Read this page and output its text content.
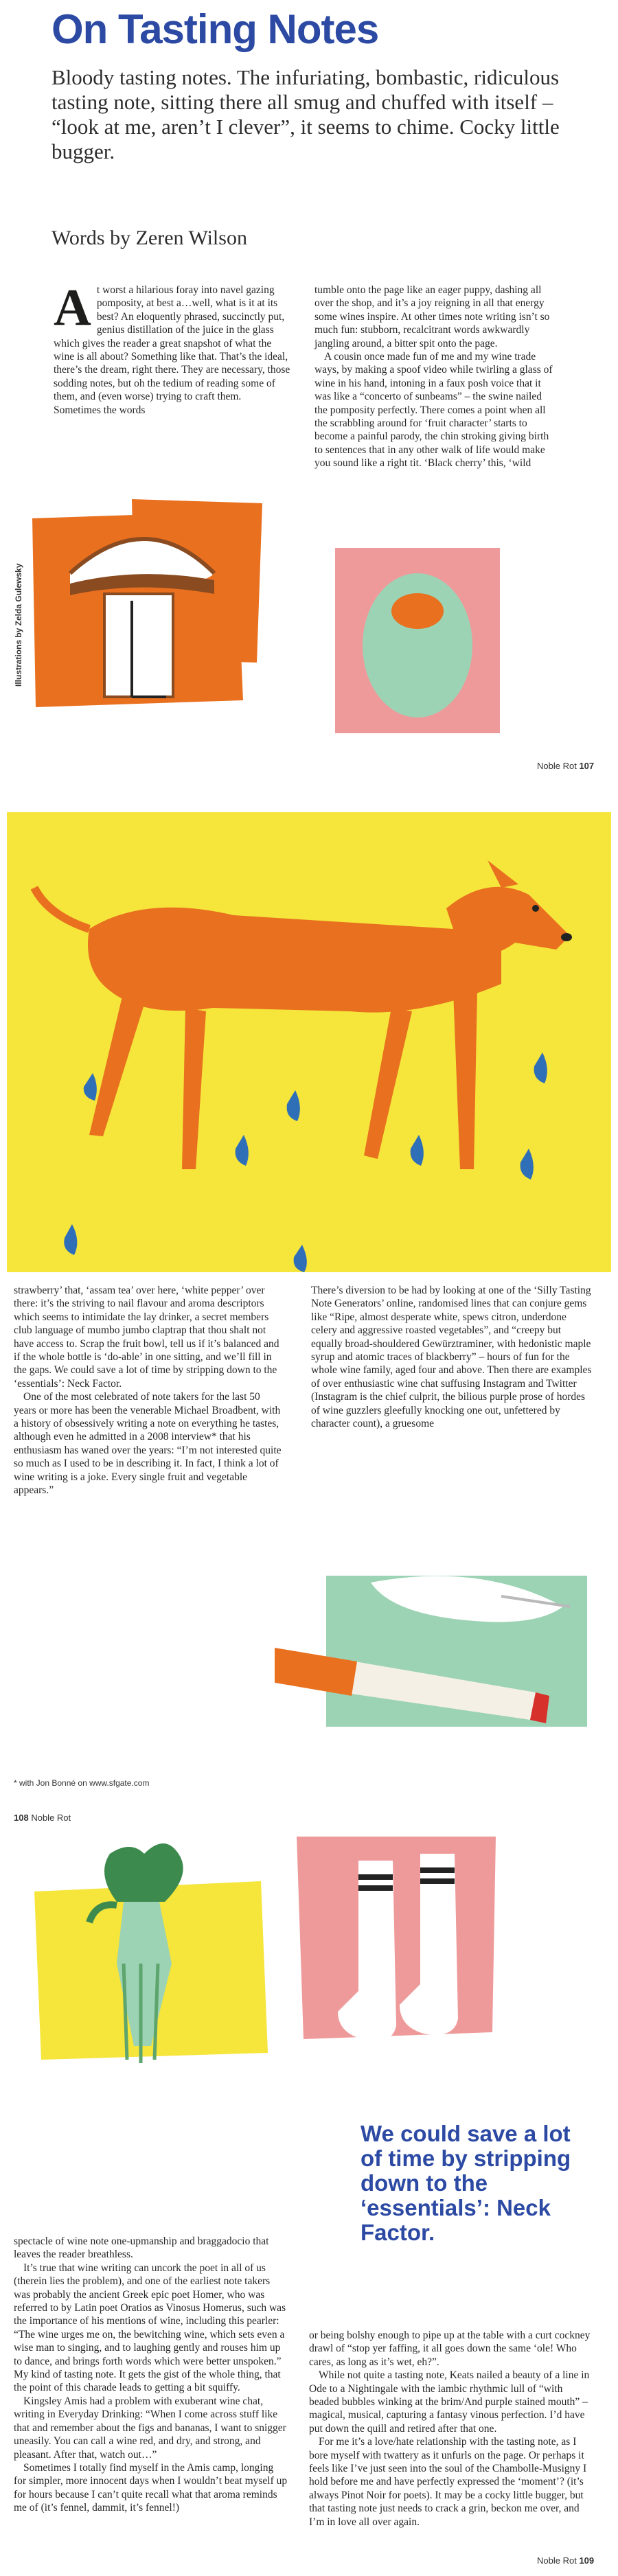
On Tasting Notes

Bloody tasting notes. The infuriating, bombastic, ridiculous tasting note, sitting there all smug and chuffed with itself – “look at me, aren’t I clever”, it seems to chime. Cocky little bugger.

Words by Zeren Wilson

At worst a hilarious foray into navel gazing pomposity, at best a…well, what is it at its best? An eloquently phrased, succinctly put, genius distillation of the juice in the glass which gives the reader a great snapshot of what the wine is all about? Something like that. That’s the ideal, there’s the dream, right there. They are necessary, those sodding notes, but oh the tedium of reading some of them, and (even worse) trying to craft them. Sometimes the words

tumble onto the page like an eager puppy, dashing all over the shop, and it’s a joy reigning in all that energy some wines inspire. At other times note writing isn’t so much fun: stubborn, recalcitrant words awkwardly jangling around, a bitter spit onto the page.

A cousin once made fun of me and my wine trade ways, by making a spoof video while twirling a glass of wine in his hand, intoning in a faux posh voice that it was like a “concerto of sunbeams” – the swine nailed the pomposity perfectly. There comes a point when all the scrabbling around for ‘fruit character’ starts to become a painful parody, the chin stroking giving birth to sentences that in any other walk of life would make you sound like a right tit. ‘Black cherry’ this, ‘wild

Illustrations by Zelda Gulewsky
Noble Rot 107

strawberry’ that, ‘assam tea’ over here, ‘white pepper’ over there: it’s the striving to nail flavour and aroma descriptors which seems to intimidate the lay drinker, a secret members club language of mumbo jumbo claptrap that thou shalt not have access to. Scrap the fruit bowl, tell us if it’s balanced and if the whole bottle is ‘do-able’ in one sitting, and we’ll fill in the gaps. We could save a lot of time by stripping down to the ‘essentials’: Neck Factor.

One of the most celebrated of note takers for the last 50 years or more has been the venerable Michael Broadbent, with a history of obsessively writing a note on everything he tastes, although even he admitted in a 2008 interview* that his enthusiasm has waned over the years: “I’m not interested quite so much as I used to be in describing it. In fact, I think a lot of wine writing is a joke. Every single fruit and vegetable appears.”

There’s diversion to be had by looking at one of the ‘Silly Tasting Note Generators’ online, randomised lines that can conjure gems like “Ripe, almost desperate white, spews citron, underdone celery and aggressive roasted vegetables”, and “creepy but equally broad-shouldered Gewürztraminer, with hedonistic maple syrup and atomic traces of blackberry” – hours of fun for the whole wine family, aged four and above. Then there are examples of over enthusiastic wine chat suffusing Instagram and Twitter (Instagram is the chief culprit, the bilious purple prose of hordes of wine guzzlers gleefully knocking one out, unfettered by character count), a gruesome

* with Jon Bonné on www.sfgate.com
108 Noble Rot
We could save a lot of time by stripping down to the ‘essentials’: Neck Factor.

spectacle of wine note one-upmanship and braggadocio that leaves the reader breathless.

It’s true that wine writing can uncork the poet in all of us (therein lies the problem), and one of the earliest note takers was probably the ancient Greek epic poet Homer, who was referred to by Latin poet Oratios as Vinosus Homerus, such was the importance of his mentions of wine, including this pearler: “The wine urges me on, the bewitching wine, which sets even a wise man to singing, and to laughing gently and rouses him up to dance, and brings forth words which were better unspoken.” My kind of tasting note. It gets the gist of the whole thing, that the point of this charade leads to getting a bit squiffy.

Kingsley Amis had a problem with exuberant wine chat, writing in Everyday Drinking: “When I come across stuff like that and remember about the figs and bananas, I want to snigger uneasily. You can call a wine red, and dry, and strong, and pleasant. After that, watch out…”

Sometimes I totally find myself in the Amis camp, longing for simpler, more innocent days when I wouldn’t beat myself up for hours because I can’t quite recall what that aroma reminds me of (it’s fennel, dammit, it’s fennel!)

or being bolshy enough to pipe up at the table with a curt cockney drawl of “stop yer faffing, it all goes down the same ‘ole! Who cares, as long as it’s wet, eh?”.

While not quite a tasting note, Keats nailed a beauty of a line in Ode to a Nightingale with the iambic rhythmic lull of “with beaded bubbles winking at the brim/And purple stained mouth” – magical, musical, capturing a fantasy vinous perfection. I’d have put down the quill and retired after that one.

For me it’s a love/hate relationship with the tasting note, as I bore myself with twattery as it unfurls on the page. Or perhaps it feels like I’ve just seen into the soul of the Chambolle-Musigny I hold before me and have perfectly expressed the ‘moment’? (it’s always Pinot Noir for poets). It may be a cocky little bugger, but that tasting note just needs to crack a grin, beckon me over, and I’m in love all over again.

Noble Rot 109
